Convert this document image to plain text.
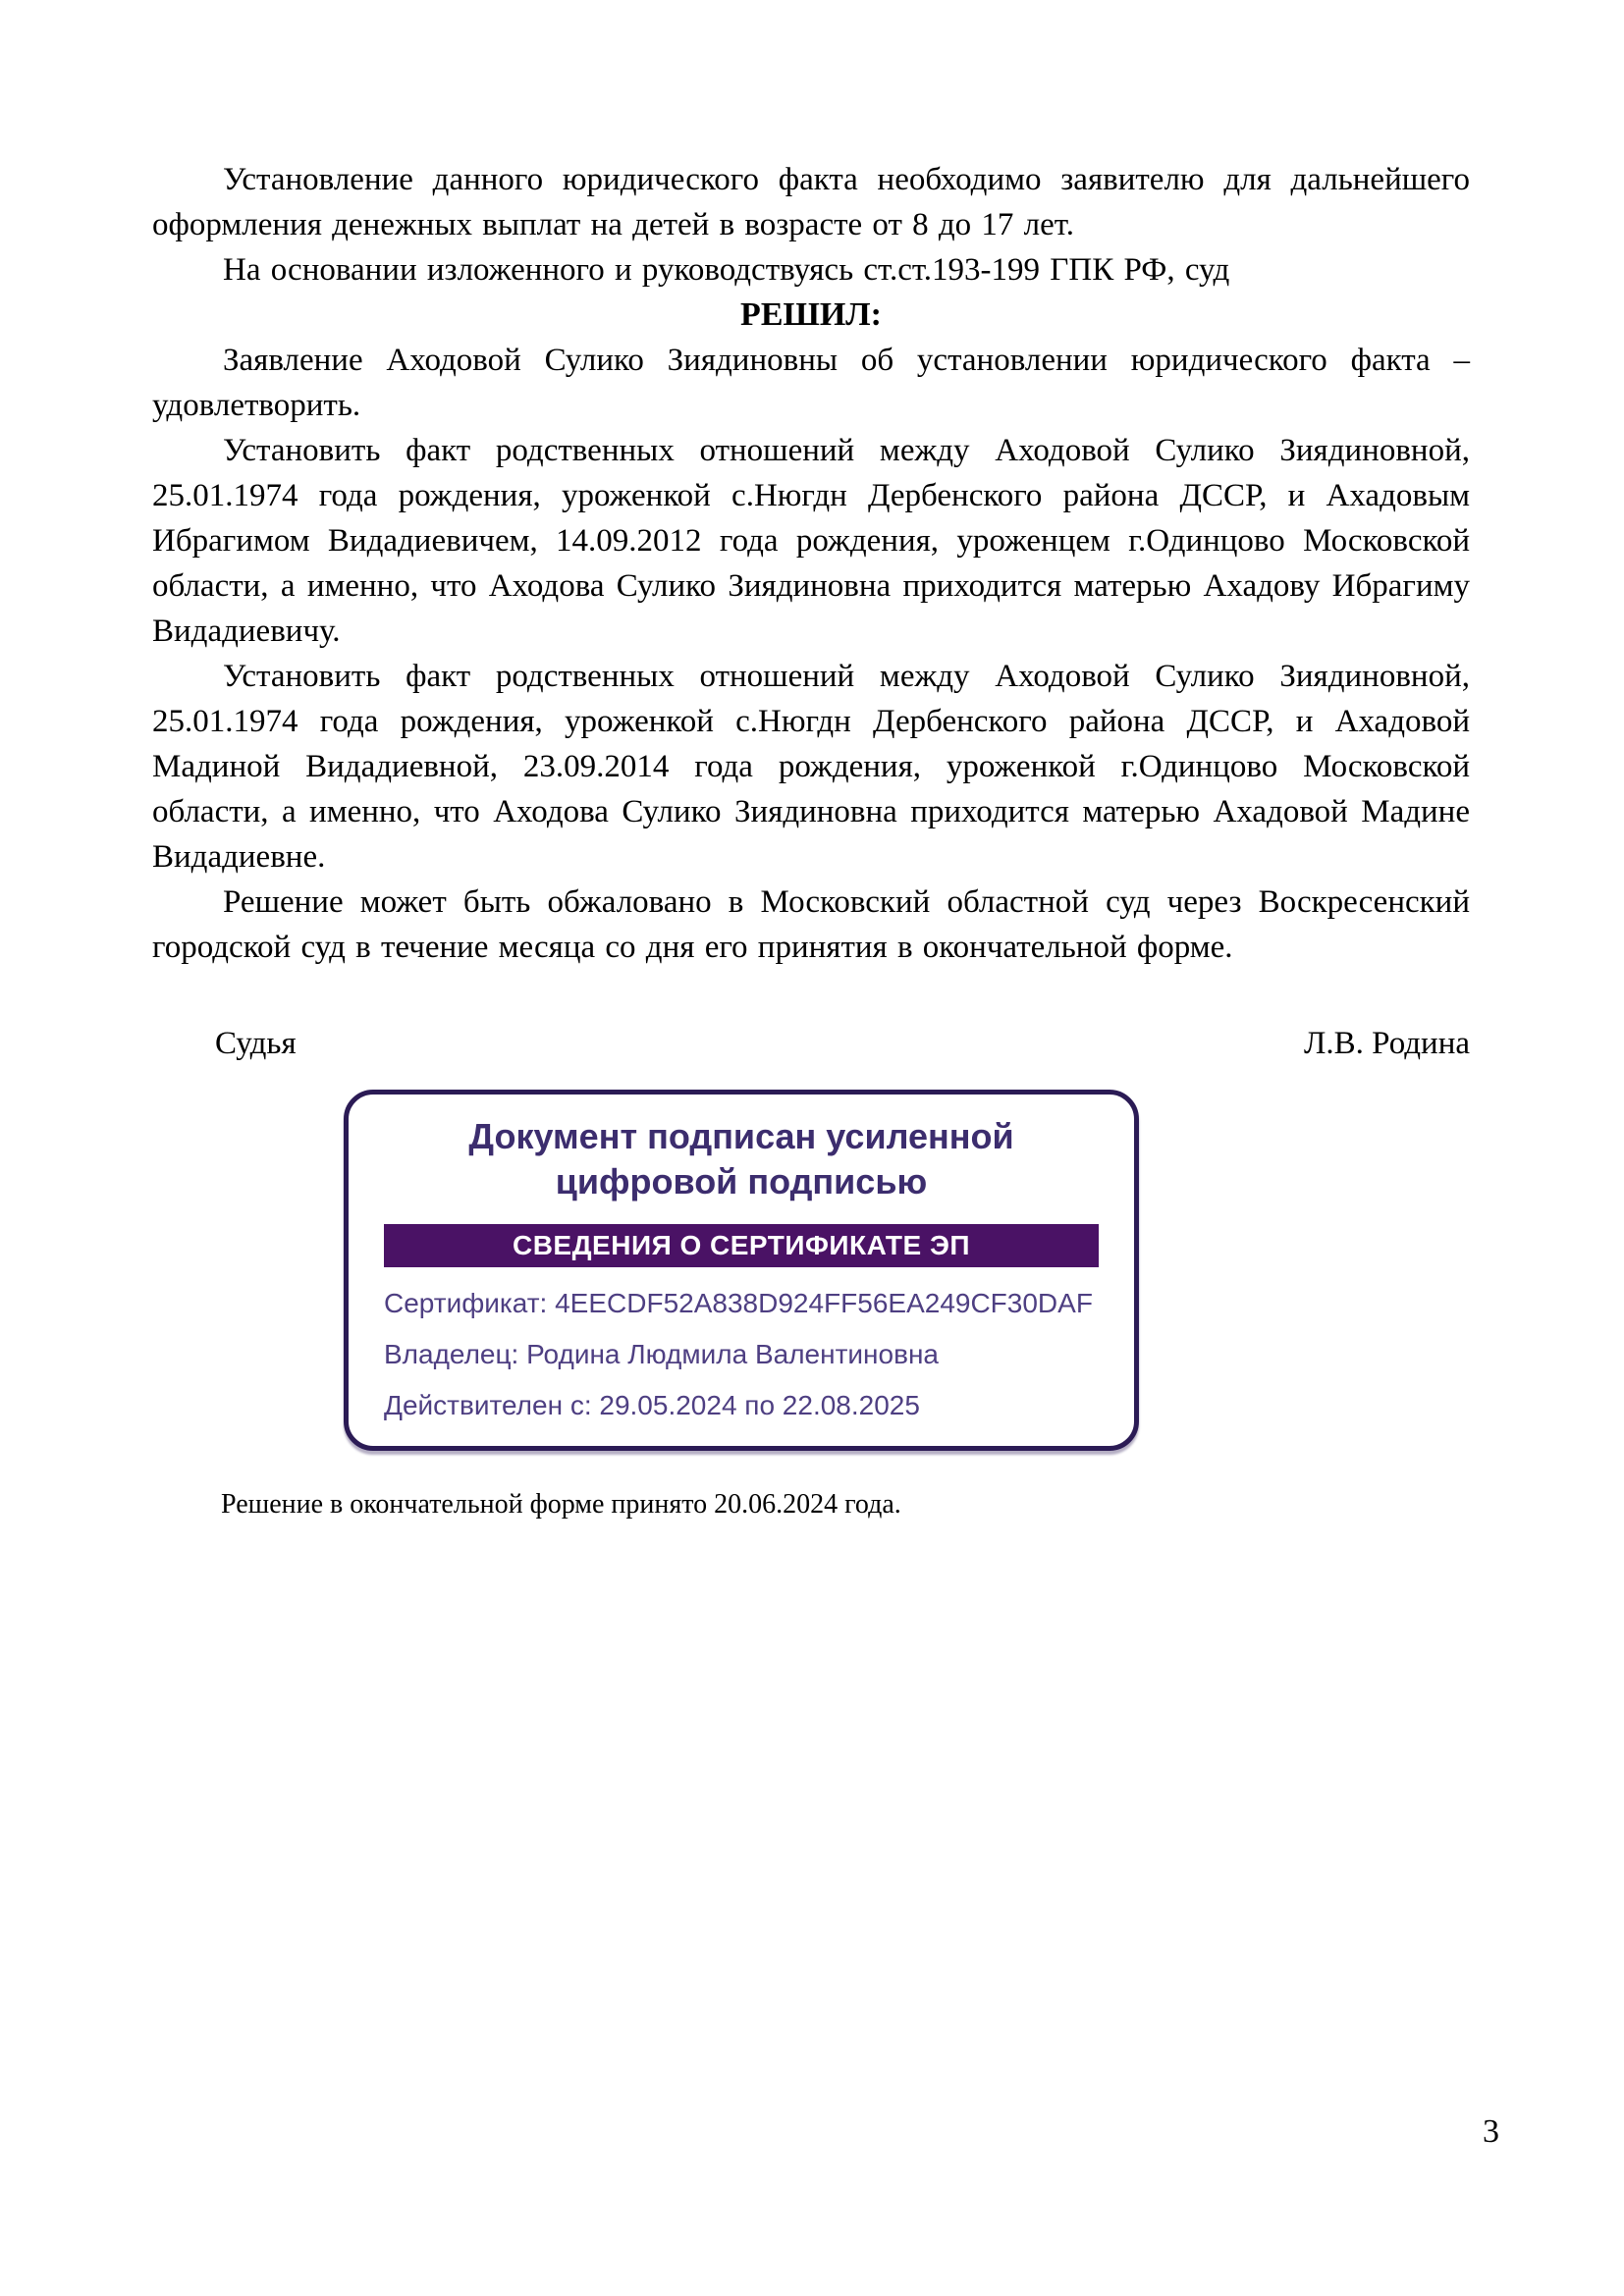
Установление данного юридического факта необходимо заявителю для дальнейшего оформления денежных выплат на детей в возрасте от 8 до 17 лет.

На основании изложенного и руководствуясь ст.ст.193-199 ГПК РФ, суд

РЕШИЛ:

Заявление Аходовой Сулико Зиядиновны об установлении юридического факта – удовлетворить.

Установить факт родственных отношений между Аходовой Сулико Зиядиновной, 25.01.1974 года рождения, уроженкой с.Нюгдн Дербенского района ДССР, и Ахадовым Ибрагимом Видадиевичем, 14.09.2012 года рождения, уроженцем г.Одинцово Московской области, а именно, что Аходова Сулико Зиядиновна приходится матерью Ахадову Ибрагиму Видадиевичу.

Установить факт родственных отношений между Аходовой Сулико Зиядиновной, 25.01.1974 года рождения, уроженкой с.Нюгдн Дербенского района ДССР, и Ахадовой Мадиной Видадиевной, 23.09.2014 года рождения, уроженкой г.Одинцово Московской области, а именно, что Аходова Сулико Зиядиновна приходится матерью Ахадовой Мадине Видадиевне.

Решение может быть обжаловано в Московский областной суд через Воскресенский городской суд в течение месяца со дня его принятия в окончательной форме.

Судья	Л.В. Родина
Документ подписан усиленной цифровой подписью
СВЕДЕНИЯ О СЕРТИФИКАТЕ ЭП
Сертификат: 4EECDF52A838D924FF56EA249CF30DAF
Владелец: Родина Людмила Валентиновна
Действителен с: 29.05.2024 по 22.08.2025

Решение в окончательной форме принято 20.06.2024 года.

3
